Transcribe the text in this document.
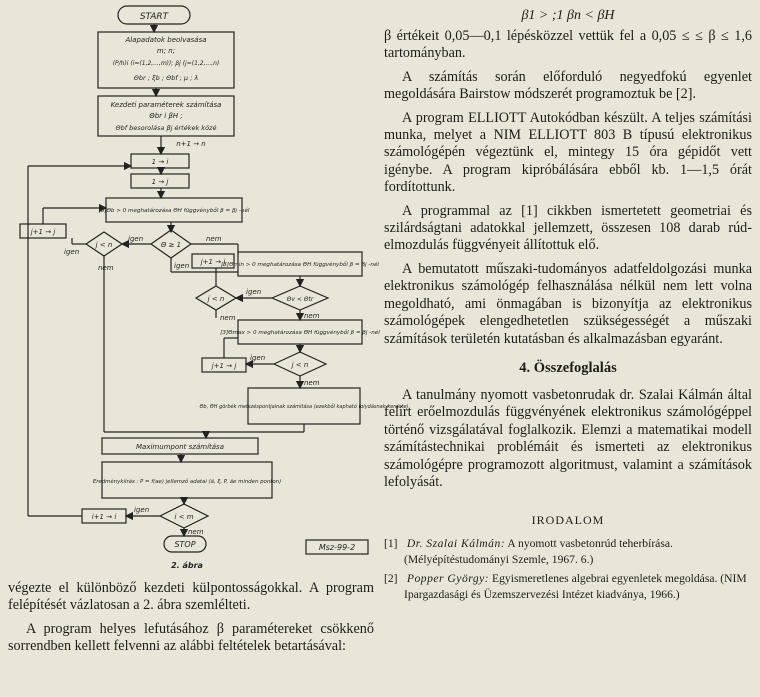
START
Alapadatok beolvasása
m; n;
(P/h)i (i=(1,2,...,m)); βj (j=(1,2,...,n)
Θbr ; ξb ; Θbf ; μ ; λ
Kezdeti paraméterek számítása
Θbr i βH ;
Θbf besorolása βj értékek közé
n+1 → n
1 → i
1 → j
[3]Θb > 0 meghatározása ΘH függvényből β = βj -nél
j < n	Θ ≥ 1
j+1 → j
igen
igen	nem
nem	igen j+1 → j
[3]Θmin > 0 meghatározása ΘH függvényből β = βj -nél
Θv < Θtr
j < n
igen
nem	nem
[3]Θmax > 0 meghatározása ΘH függvényből β = βj -nél
j < n
j+1 → j
igen
nem
Θb, ΘH görbék metszéspontjainak számítása (ezekből kapható folydásnak kerdete)
Maximumpont számítása
Eredménykiírás : P = f(ae) jellemző adatai (ä, ξ, P, äe minden ponton)
i < m
i+1 → i
igen
nem
STOP	Msz-99-2
2. ábra
β1 > ;1 βn < βH

β értékeit 0,05—0,1 lépésközzel vettük fel a 0,05 ≤ ≤ β ≤ 1,6 tartományban.

A számítás során előforduló negyedfokú egyenlet megoldására Bairstow módszerét programoztuk be [2].

A program ELLIOTT Autokódban készült. A teljes számítási munka, melyet a NIM ELLIOTT 803 B típusú elektronikus számológépén végeztünk el, mintegy 15 óra gépidőt vett igénybe. A program kipróbálására ebből kb. 1—1,5 órát fordítottunk.

A programmal az [1] cikkben ismertetett geometriai és szilárdságtani adatokkal jellemzett, összesen 108 darab rúd-elmozdulás függvényeit állítottuk elő.

A bemutatott műszaki-tudományos adatfeldolgozási munka elektronikus számológép felhasználása nélkül nem lett volna megoldható, ami önmagában is bizonyítja az elektronikus számológépek elengedhetetlen szükségességét a műszaki számítások területén kutatásban és alkalmazásban egyaránt.

4. Összefoglalás

A tanulmány nyomott vasbetonrudak dr. Szalai Kálmán által felírt erőelmozdulás függvényének elektronikus számológéppel történő vizsgálatával foglalkozik. Elemzi a matematikai modell számítástechnikai problémáit és ismerteti az elektronikus számológépre programozott algoritmust, valamint a számítások lefolyását.

IRODALOM
[1] Dr. Szalai Kálmán: A nyomott vasbetonrúd teherbírása. (Mélyépítéstudományi Szemle, 1967. 6.)
[2] Popper György: Egyismeretlenes algebrai egyenletek megoldása. (NIM Ipargazdasági és Üzemszervezési Intézet kiadványa, 1966.)

végezte el különböző kezdeti külpontosságokkal. A program felépítését vázlatosan a 2. ábra szemlélteti.

A program helyes lefutásához β paramétereket csökkenő sorrendben kellett felvenni az alábbi feltételek betartásával:
